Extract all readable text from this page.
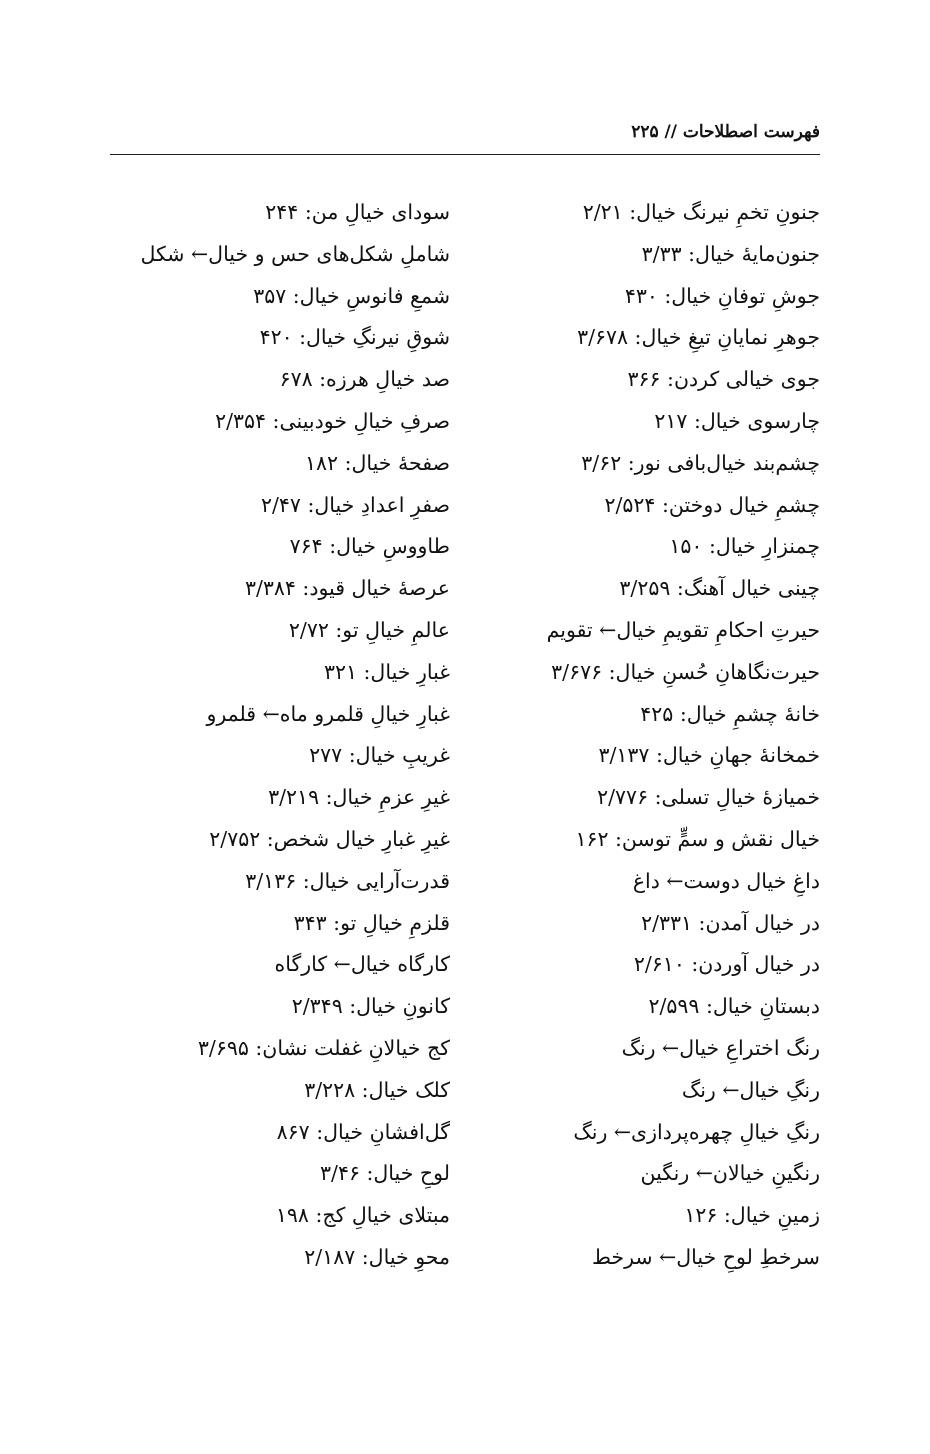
فهرست اصطلاحات // ۲۲۵
جنونِ تخمِ نیرنگ خیال: ۲/۲۱
جنون‌مایهٔ خیال: ۳/۳۳
جوشِ توفانِ خیال: ۴۳۰
جوهرِ نمایانِ تیغِ خیال: ۳/۶۷۸
جوی خیالی کردن: ۳۶۶
چارسوی خیال: ۲۱۷
چشم‌بند خیال‌بافی نور: ۳/۶۲
چشمِ خیال دوختن: ۲/۵۲۴
چمنزارِ خیال: ۱۵۰
چینی خیال آهنگ: ۳/۲۵۹
حیرتِ احکامِ تقویمِ خیال← تقویم
حیرت‌نگاهانِ حُسنِ خیال: ۳/۶۷۶
خانهٔ چشمِ خیال: ۴۲۵
خمخانهٔ جهانِ خیال: ۳/۱۳۷
خمیازهٔ خیالِ تسلی: ۲/۷۷۶
خیال نقش و سمٍّ توسن: ۱۶۲
داغِ خیال دوست← داغ
در خیال آمدن: ۲/۳۳۱
در خیال آوردن: ۲/۶۱۰
دبستانِ خیال: ۲/۵۹۹
رنگ اختراعِ خیال← رنگ
رنگِ خیال← رنگ
رنگِ خیالِ چهره‌پردازی← رنگ
رنگینِ خیالان← رنگین
زمینِ خیال: ۱۲۶
سرخطِ لوحِ خیال← سرخط
سودای خیالِ من: ۲۴۴
شاملِ شکل‌های حس و خیال← شکل
شمعِ فانوسِ خیال: ۳۵۷
شوقِ نیرنگِ خیال: ۴۲۰
صد خیالِ هرزه: ۶۷۸
صرفِ خیالِ خودبینی: ۲/۳۵۴
صفحهٔ خیال: ۱۸۲
صفرِ اعدادِ خیال: ۲/۴۷
طاووسِ خیال: ۷۶۴
عرصهٔ خیال قیود: ۳/۳۸۴
عالمِ خیالِ تو: ۲/۷۲
غبارِ خیال: ۳۲۱
غبارِ خیالِ قلمرو ماه← قلمرو
غریبِ خیال: ۲۷۷
غیرِ عزمِ خیال: ۳/۲۱۹
غیرِ غبارِ خیال شخص: ۲/۷۵۲
قدرت‌آرایی خیال: ۳/۱۳۶
قلزمِ خیالِ تو: ۳۴۳
کارگاه خیال← کارگاه
کانونِ خیال: ۲/۳۴۹
کج خیالانِ غفلت نشان: ۳/۶۹۵
کلک خیال: ۳/۲۲۸
گل‌افشانِ خیال: ۸۶۷
لوحِ خیال: ۳/۴۶
مبتلای خیالِ کج: ۱۹۸
محوِ خیال: ۲/۱۸۷
